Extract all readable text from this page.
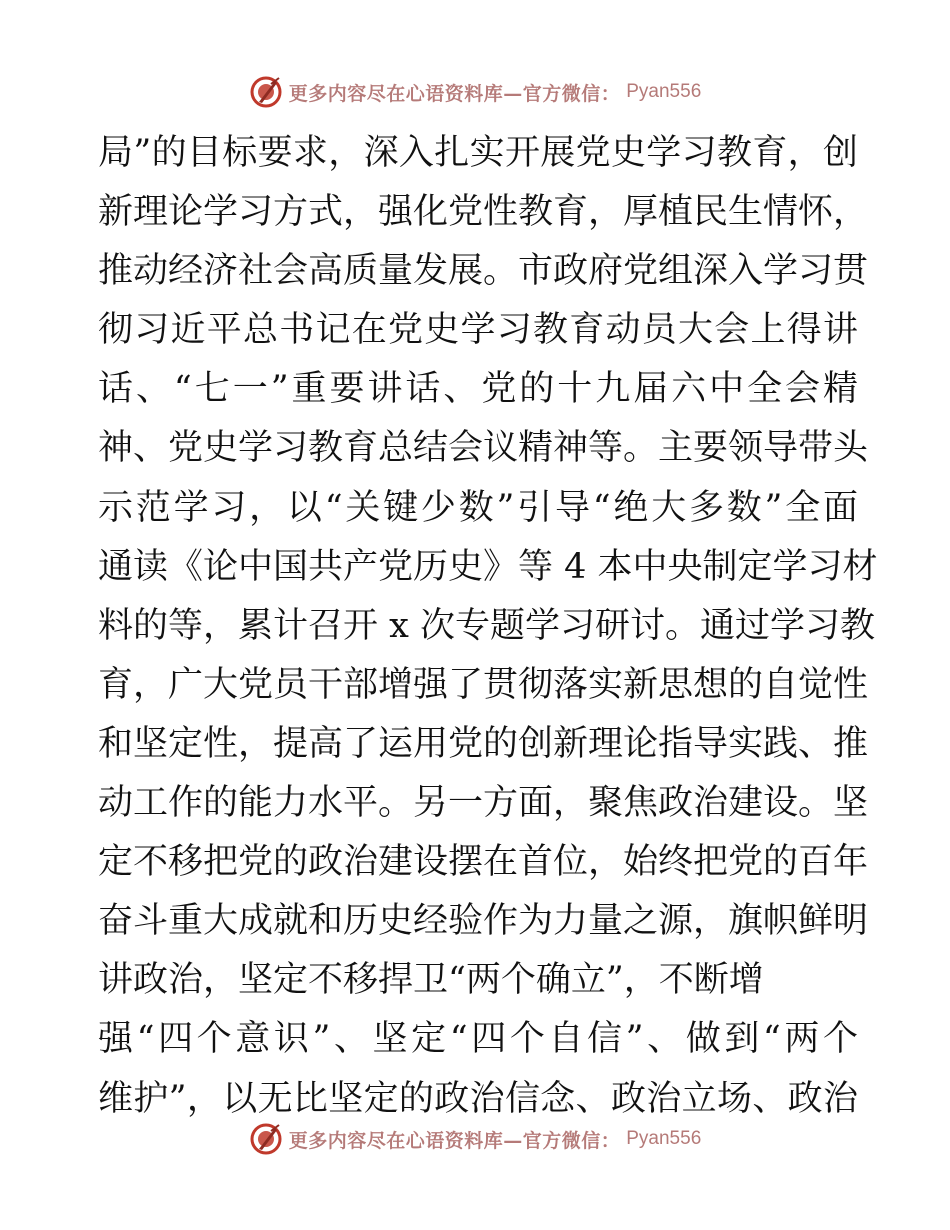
更多内容尽在心语资料库—官方微信： Pyan556
局”的目标要求，深入扎实开展党史学习教育，创
新理论学习方式，强化党性教育，厚植民生情怀，
推动经济社会高质量发展。市政府党组深入学习贯
彻习近平总书记在党史学习教育动员大会上得讲
话、“七一”重要讲话、党的十九届六中全会精
神、党史学习教育总结会议精神等。主要领导带头
示范学习，以“关键少数”引导“绝大多数”全面
通读《论中国共产党历史》等 4 本中央制定学习材
料的等，累计召开 x 次专题学习研讨。通过学习教
育，广大党员干部增强了贯彻落实新思想的自觉性
和坚定性，提高了运用党的创新理论指导实践、推
动工作的能力水平。另一方面，聚焦政治建设。坚
定不移把党的政治建设摆在首位，始终把党的百年
奋斗重大成就和历史经验作为力量之源，旗帜鲜明
讲政治，坚定不移捍卫“两个确立”，不断增
强“四个意识”、坚定“四个自信”、做到“两个
维护”，以无比坚定的政治信念、政治立场、政治
更多内容尽在心语资料库—官方微信： Pyan556
